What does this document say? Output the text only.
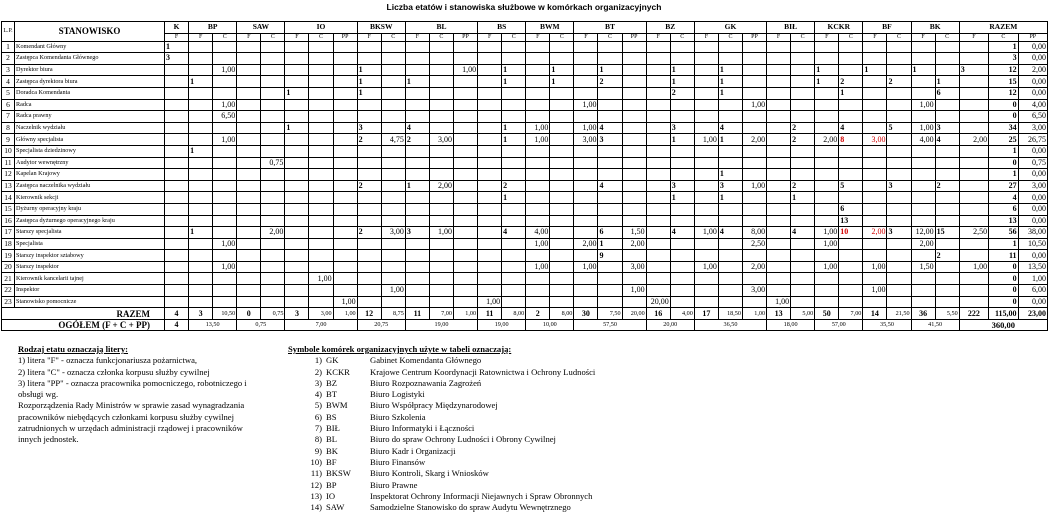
Liczba etatów i stanowiska służbowe w komórkach organizacyjnych
L.P.	STANOWISKO	K	BP		SAW		IO			BKSW		BL			BS		BWM		BT			BZ		GK			BIŁ		KCKR		BF		BK		RAZEM		
		F	F	C	F	C	F	C	PP	F	C	F	C	PP	F	C	F	C	F	C	PP	F	C	F	C	PP	F	C	F	C	F	C	F	C	F	C	PP
1	Komendant Główny	1																																		1	0,00
2	Zastępca Komendanta Głównego	3																																		3	0,00
3	Dyrektor biura			1,00						1				1,00		1		1		1			1		1				1		1		1		3	12	2,00
4	Zastępca dyrektora biura		1							1		1				1		1		2			1		1				1	2		2		1		15	0,00
5	Doradca Komendanta						1			1													2		1					1				6		12	0,00
6	Radca			1,00															1,00							1,00							1,00			0	4,00
7	Radca prawny			6,50																																0	6,50
8	Naczelnik wydziału						1			3		4				1	1,00		1,00	4			3		4			2		4		5	1,00	3		34	3,00
9	Główny specjalista			1,00						2	4,75	2	3,00			1	1,00		3,00	3			1	1,00	1	2,00		2	2,00	8	3,00		4,00	4	2,00	25	26,75
10	Specjalista dziedzinowy		1																																	1	0,00
11	Audytor wewnętrzny					0,75																														0	0,75
12	Kapelan Krajowy																								1											1	0,00
13	Zastępca naczelnika wydziału									2		1	2,00			2				4			3		3	1,00		2		5		3		2		27	3,00
14	Kierownik sekcji															1							1		1			1								4	0,00
15	Dyżurny operacyjny kraju																													6						6	0,00
16	Zastępca dyżurnego operacyjnego kraju																													13						13	0,00
17	Starszy specjalista		1			2,00				2	3,00	3	1,00			4	4,00			6	1,50		4	1,00	4	8,00		4	1,00	10	2,00	3	12,00	15	2,50	56	38,00
18	Specjalista			1,00													1,00		2,00	1	2,00					2,50			1,00				2,00			1	10,50
19	Starszy inspektor sztabowy																			9														2		11	0,00
20	Starszy inspektor			1,00													1,00		1,00		3,00			1,00		2,00			1,00		1,00		1,50		1,00	0	13,50
21	Kierownik kancelarii tajnej							1,00																												0	1,00
22	Inspektor										1,00										1,00					3,00					1,00					0	6,00
23	Stanowisko pomocnicze								1,00						1,00							20,00					1,00									0	0,00
RAZEM		4	3	10,50	0	0,75	3	3,00	1,00	12	8,75	11	7,00	1,00	11	8,00	2	8,00	30	7,50	20,00	16	4,00	17	18,50	1,00	13	5,00	50	7,00	14	21,50	36	5,50	222	115,00	23,00
OGÓŁEM (F + C + PP)		4	13,50		0,75		7,00			20,75		19,00			19,00		10,00		57,50			20,00		36,50			18,00		57,00		35,50		41,50		360,00		
Rodzaj etatu oznaczają litery:
1) litera "F" - oznacza funkcjonariusza pożarnictwa,
2) litera "C" - oznacza członka korpusu służby cywilnej
3) litera "PP" - oznacza pracownika pomocniczego, robotniczego i
obsługi wg.
Rozporządzenia Rady Ministrów w sprawie zasad wynagradzania
pracowników niebędących członkami korpusu służby cywilnej
zatrudnionych w urzędach administracji rządowej i pracowników
innych jednostek.
Symbole komórek organizacyjnych użyte w tabeli oznaczają:
1) GK	Gabinet Komendanta Głównego
2) KCKR	Krajowe Centrum Koordynacji Ratownictwa i Ochrony Ludności
3) BZ	Biuro Rozpoznawania Zagrożeń
4) BT	Biuro Logistyki
5) BWM	Biuro Współpracy Międzynarodowej
6) BS	Biuro Szkolenia
7) BIŁ	Biuro Informatyki i Łączności
8) BL	Biuro do spraw Ochrony Ludności i Obrony Cywilnej
9) BK	Biuro Kadr i Organizacji
10) BF	Biuro Finansów
11) BKSW	Biuro Kontroli, Skarg i Wniosków
12) BP	Biuro Prawne
13) IO	Inspektorat Ochrony Informacji Niejawnych i Spraw Obronnych
14) SAW	Samodzielne Stanowisko do spraw Audytu Wewnętrznego
